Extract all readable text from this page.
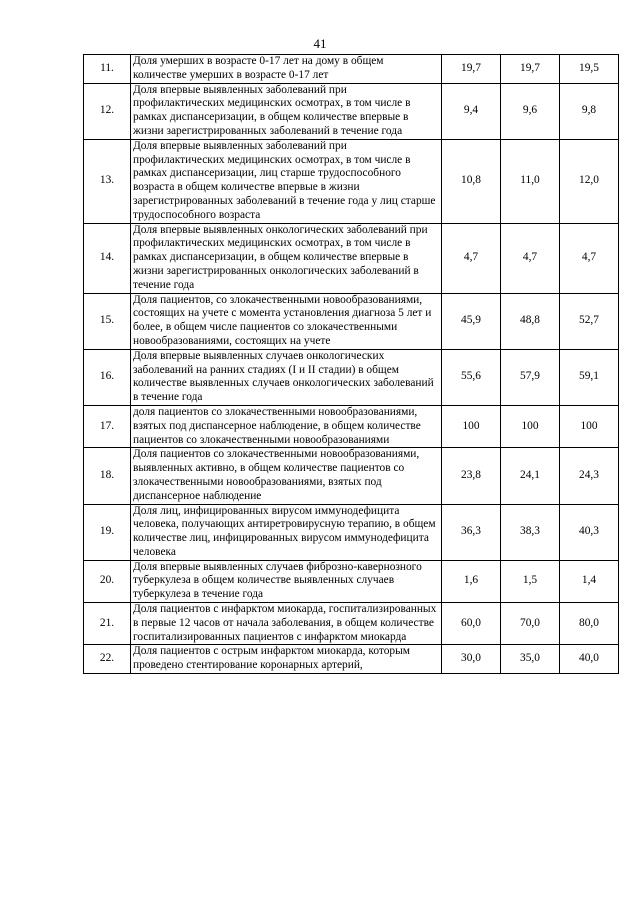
41
11.	Доля умерших в возрасте 0-17 лет на дому в общем количестве умерших в возрасте 0-17 лет	19,7	19,7	19,5
12.	Доля впервые выявленных заболеваний при профилактических медицинских осмотрах, в том числе в рамках диспансеризации, в общем количестве впервые в жизни зарегистрированных заболеваний в течение года	9,4	9,6	9,8
13.	Доля впервые выявленных заболеваний при профилактических медицинских осмотрах, в том числе в рамках диспансеризации, лиц старше трудоспособного возраста в общем количестве впервые в жизни зарегистрированных заболеваний в течение года у лиц старше трудоспособного возраста	10,8	11,0	12,0
14.	Доля впервые выявленных онкологических заболеваний при профилактических медицинских осмотрах, в том числе в рамках диспансеризации, в общем количестве впервые в жизни зарегистрированных онкологических заболеваний в течение года	4,7	4,7	4,7
15.	Доля пациентов, со злокачественными новообразованиями, состоящих на учете с момента установления диагноза 5 лет и более, в общем числе пациентов со злокачественными новообразованиями, состоящих на учете	45,9	48,8	52,7
16.	Доля впервые выявленных случаев онкологических заболеваний на ранних стадиях (I и II стадии) в общем количестве выявленных случаев онкологических заболеваний в течение года	55,6	57,9	59,1
17.	доля пациентов со злокачественными новообразованиями, взятых под диспансерное наблюдение, в общем количестве пациентов со злокачественными новообразованиями	100	100	100
18.	Доля пациентов со злокачественными новообразованиями, выявленных активно, в общем количестве пациентов со злокачественными новообразованиями, взятых под диспансерное наблюдение	23,8	24,1	24,3
19.	Доля лиц, инфицированных вирусом иммунодефицита человека, получающих антиретровирусную терапию, в общем количестве лиц, инфицированных вирусом иммунодефицита человека	36,3	38,3	40,3
20.	Доля впервые выявленных случаев фиброзно-кавернозного туберкулеза в общем количестве выявленных случаев туберкулеза в течение года	1,6	1,5	1,4
21.	Доля пациентов с инфарктом миокарда, госпитализированных в первые 12 часов от начала заболевания, в общем количестве госпитализированных пациентов с инфарктом миокарда	60,0	70,0	80,0
22.	Доля пациентов с острым инфарктом миокарда, которым проведено стентирование коронарных артерий,	30,0	35,0	40,0
